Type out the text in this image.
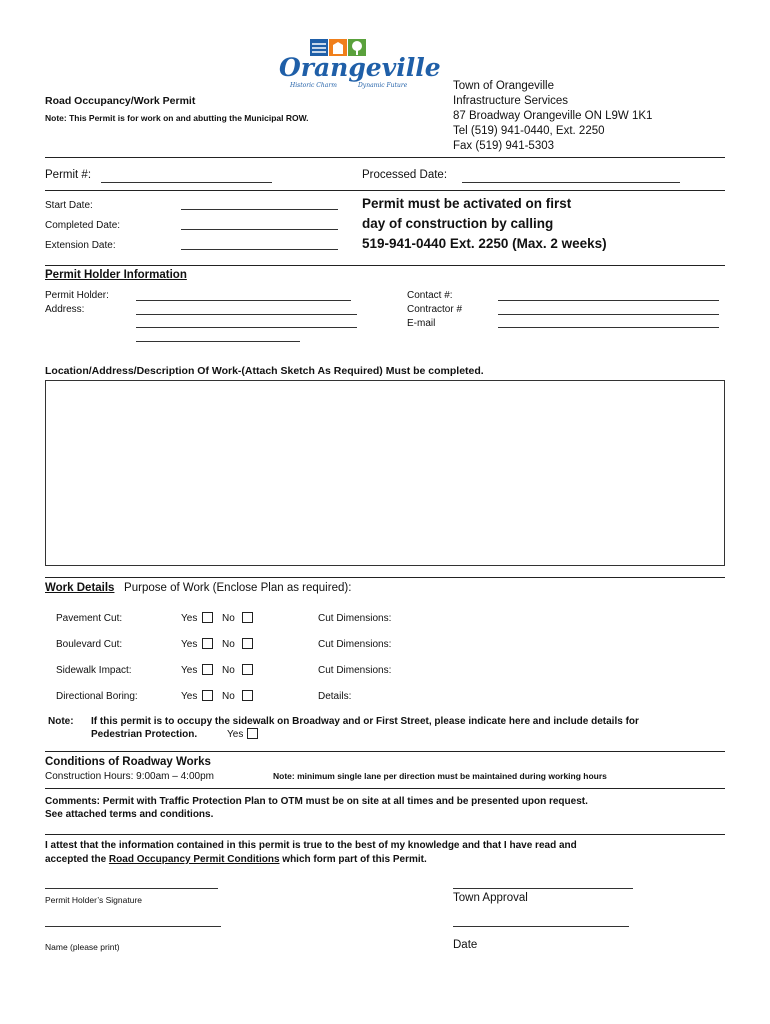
Orangeville
Historic Charm	Dynamic Future
Road Occupancy/Work Permit
Note: This Permit is for work on and abutting the Municipal ROW.
Town of Orangeville
Infrastructure Services
87 Broadway Orangeville ON L9W 1K1
Tel (519) 941-0440, Ext. 2250
Fax (519) 941-5303
Permit #:	Processed Date:
Start Date:
Completed Date:
Extension Date:
Permit must be activated on first
day of construction by calling
519-941-0440 Ext. 2250 (Max. 2 weeks)
Permit Holder Information
Permit Holder:
Address:
Contact #:
Contractor #
E-mail
Location/Address/Description Of Work-(Attach Sketch As Required) Must be completed.
Work Details Purpose of Work (Enclose Plan as required):
Pavement Cut:	Yes No	Cut Dimensions:
Boulevard Cut:	Yes No	Cut Dimensions:
Sidewalk Impact:	Yes No	Cut Dimensions:
Directional Boring:	Yes No	Details:
Note: If this permit is to occupy the sidewalk on Broadway and or First Street, please indicate here and include details for
Pedestrian Protection.	Yes
Conditions of Roadway Works
Construction Hours: 9:00am – 4:00pm	Note: minimum single lane per direction must be maintained during working hours
Comments: Permit with Traffic Protection Plan to OTM must be on site at all times and be presented upon request.
See attached terms and conditions.
I attest that the information contained in this permit is true to the best of my knowledge and that I have read and
accepted the Road Occupancy Permit Conditions which form part of this Permit.
Permit Holder’s Signature	Town Approval
Name (please print)	Date
